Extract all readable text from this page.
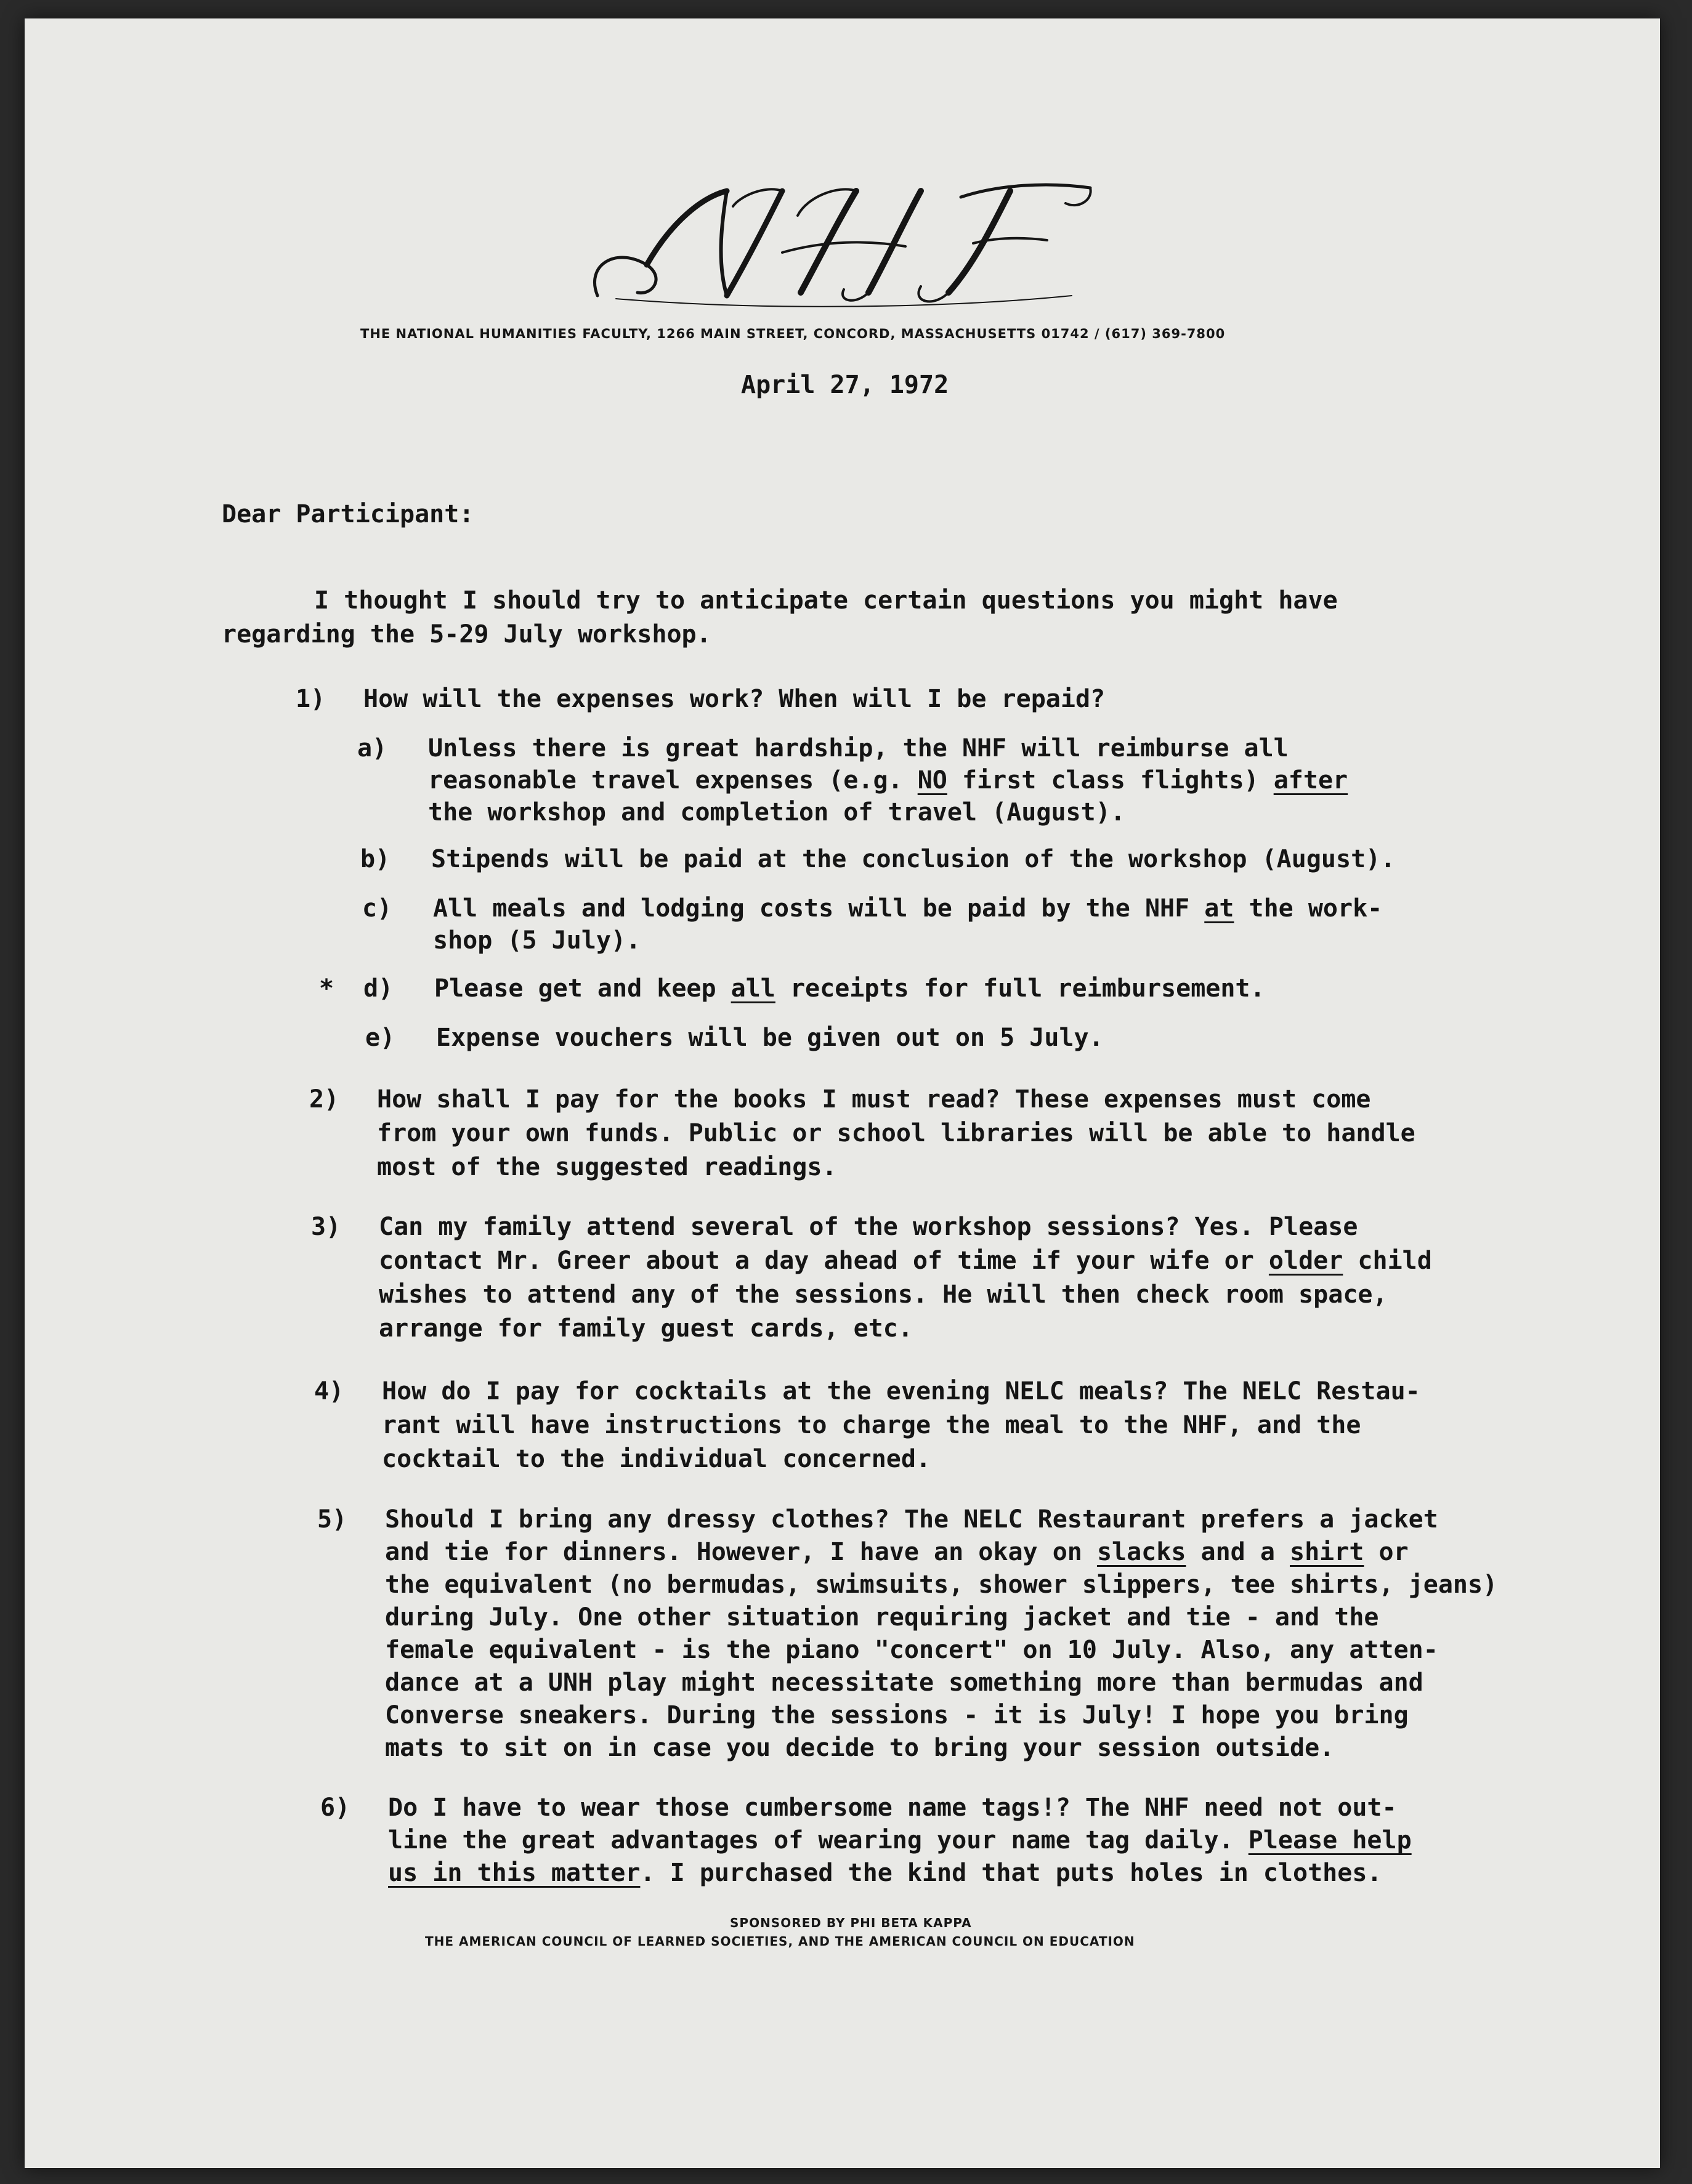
THE NATIONAL HUMANITIES FACULTY, 1266 MAIN STREET, CONCORD, MASSACHUSETTS 01742 / (617) 369-7800
April 27, 1972
Dear Participant:
I thought I should try to anticipate certain questions you might have
regarding the 5-29 July workshop.
1) How will the expenses work? When will I be repaid?
a) Unless there is great hardship, the NHF will reimburse all
reasonable travel expenses (e.g. NO first class flights) after
the workshop and completion of travel (August).
b) Stipends will be paid at the conclusion of the workshop (August).
c) All meals and lodging costs will be paid by the NHF at the work-
shop (5 July).
* d) Please get and keep all receipts for full reimbursement.
e) Expense vouchers will be given out on 5 July.
2) How shall I pay for the books I must read? These expenses must come
from your own funds. Public or school libraries will be able to handle
most of the suggested readings.
3) Can my family attend several of the workshop sessions? Yes. Please
contact Mr. Greer about a day ahead of time if your wife or older child
wishes to attend any of the sessions. He will then check room space,
arrange for family guest cards, etc.
4) How do I pay for cocktails at the evening NELC meals? The NELC Restau-
rant will have instructions to charge the meal to the NHF, and the
cocktail to the individual concerned.
5) Should I bring any dressy clothes? The NELC Restaurant prefers a jacket
and tie for dinners. However, I have an okay on slacks and a shirt or
the equivalent (no bermudas, swimsuits, shower slippers, tee shirts, jeans)
during July. One other situation requiring jacket and tie - and the
female equivalent - is the piano "concert" on 10 July. Also, any atten-
dance at a UNH play might necessitate something more than bermudas and
Converse sneakers. During the sessions - it is July! I hope you bring
mats to sit on in case you decide to bring your session outside.
6) Do I have to wear those cumbersome name tags!? The NHF need not out-
line the great advantages of wearing your name tag daily. Please help
us in this matter. I purchased the kind that puts holes in clothes.
SPONSORED BY PHI BETA KAPPA
THE AMERICAN COUNCIL OF LEARNED SOCIETIES, AND THE AMERICAN COUNCIL ON EDUCATION
